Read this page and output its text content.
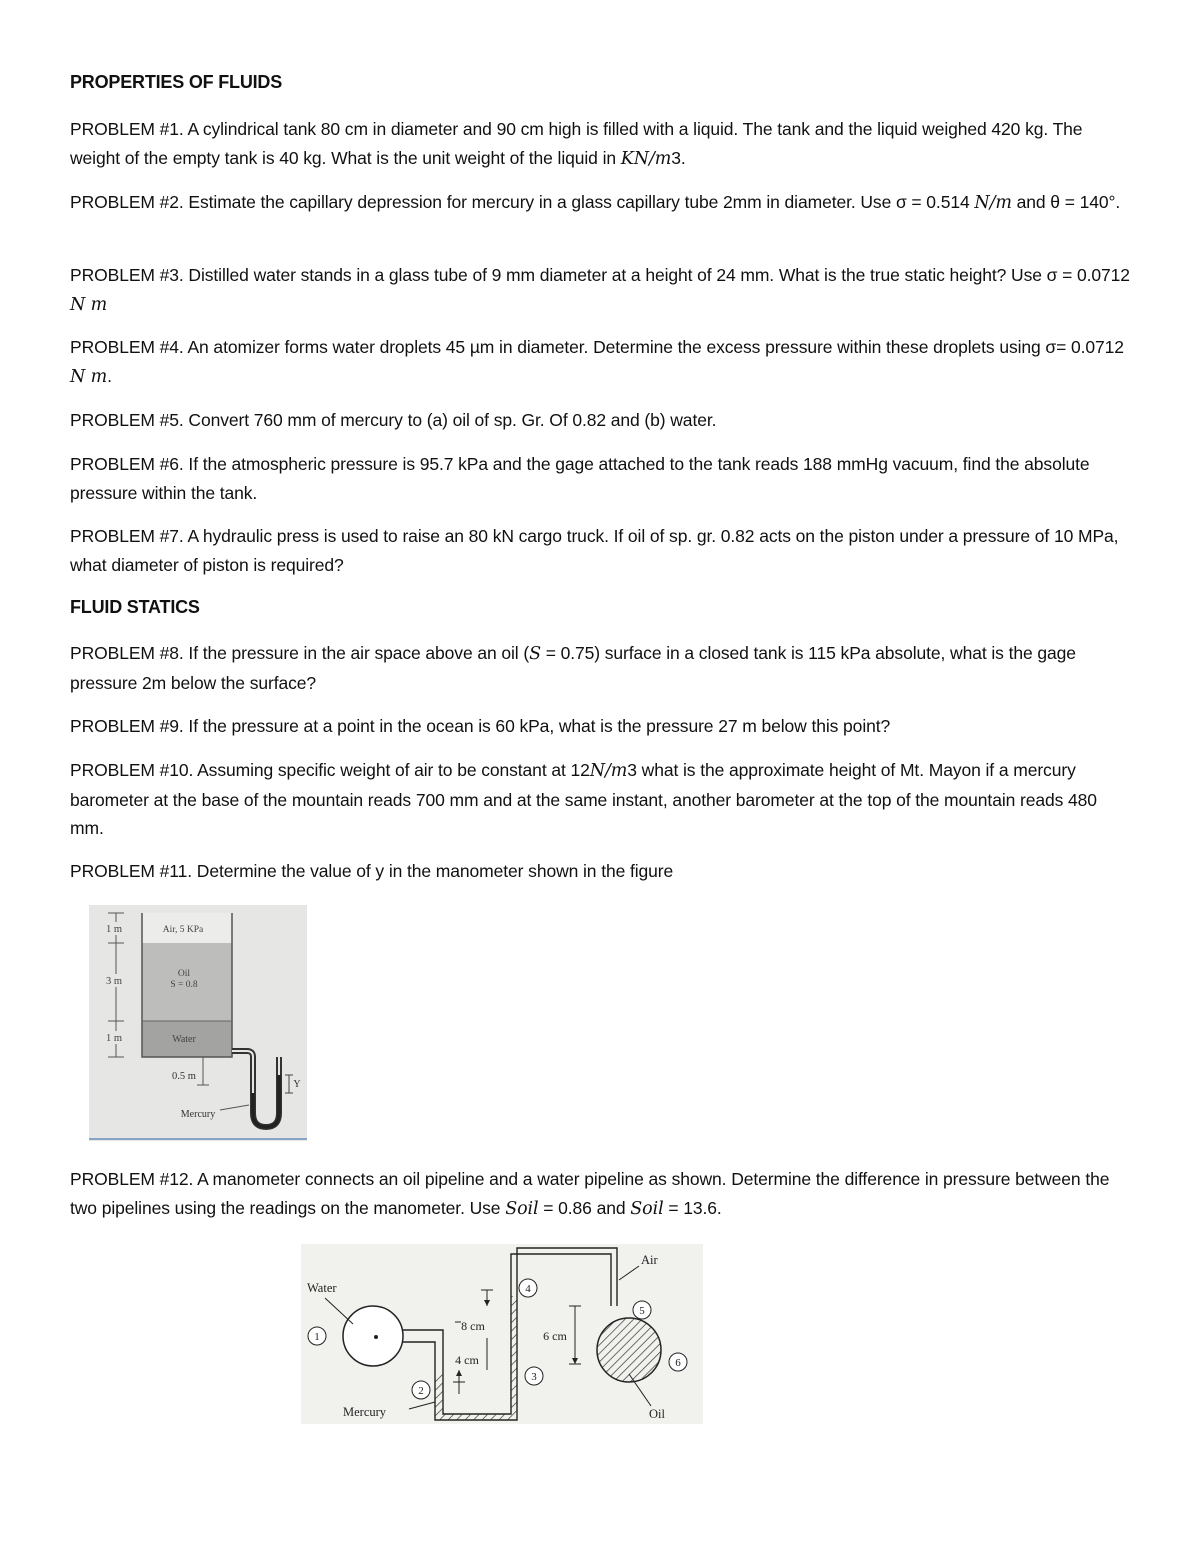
PROPERTIES OF FLUIDS
PROBLEM #1. A cylindrical tank 80 cm in diameter and 90 cm high is filled with a liquid. The tank and the liquid weighed 420 kg. The weight of the empty tank is 40 kg. What is the unit weight of the liquid in KN/m3.
PROBLEM #2. Estimate the capillary depression for mercury in a glass capillary tube 2mm in diameter. Use σ = 0.514 N/m and θ = 140°.
PROBLEM #3. Distilled water stands in a glass tube of 9 mm diameter at a height of 24 mm. What is the true static height? Use σ = 0.0712 N m
PROBLEM #4. An atomizer forms water droplets 45 µm in diameter. Determine the excess pressure within these droplets using σ= 0.0712 N m.
PROBLEM #5. Convert 760 mm of mercury to (a) oil of sp. Gr. Of 0.82 and (b) water.
PROBLEM #6. If the atmospheric pressure is 95.7 kPa and the gage attached to the tank reads 188 mmHg vacuum, find the absolute pressure within the tank.
PROBLEM #7. A hydraulic press is used to raise an 80 kN cargo truck. If oil of sp. gr. 0.82 acts on the piston under a pressure of 10 MPa, what diameter of piston is required?
FLUID STATICS
PROBLEM #8. If the pressure in the air space above an oil (S = 0.75) surface in a closed tank is 115 kPa absolute, what is the gage pressure 2m below the surface?
PROBLEM #9. If the pressure at a point in the ocean is 60 kPa, what is the pressure 27 m below this point?
PROBLEM #10. Assuming specific weight of air to be constant at 12N/m3 what is the approximate height of Mt. Mayon if a mercury barometer at the base of the mountain reads 700 mm and at the same instant, another barometer at the top of the mountain reads 480 mm.
PROBLEM #11. Determine the value of y in the manometer shown in the figure
PROBLEM #12. A manometer connects an oil pipeline and a water pipeline as shown. Determine the difference in pressure between the two pipelines using the readings on the manometer. Use Soil = 0.86 and Soil = 13.6.
1 m
3 m
1 m
Air, 5 KPa
Oil
S = 0.8
Water
0.5 m
Mercury
Y
Water
Air
Mercury	Oil
8 cm
4 cm
6 cm
1
2
3
4
5
6
